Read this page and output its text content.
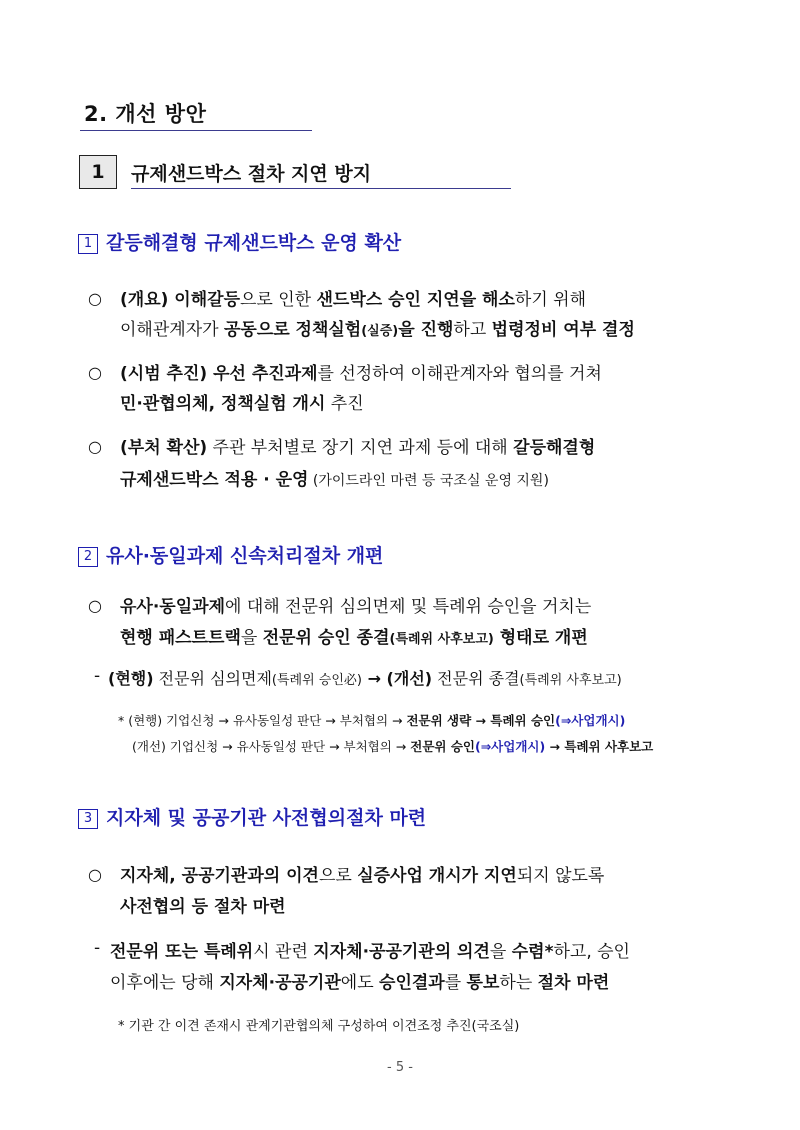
2. 개선 방안
1	규제샌드박스 절차 지연 방지
1 갈등해결형 규제샌드박스 운영 확산
○ (개요) 이해갈등으로 인한 샌드박스 승인 지연을 해소하기 위해
이해관계자가 공동으로 정책실험(실증)을 진행하고 법령정비 여부 결정
○ (시범 추진) 우선 추진과제를 선정하여 이해관계자와 협의를 거쳐
민·관협의체, 정책실험 개시 추진
○ (부처 확산) 주관 부처별로 장기 지연 과제 등에 대해 갈등해결형
규제샌드박스 적용 · 운영 (가이드라인 마련 등 국조실 운영 지원)
2 유사·동일과제 신속처리절차 개편
○ 유사·동일과제에 대해 전문위 심의면제 및 특례위 승인을 거치는
현행 패스트트랙을 전문위 승인 종결(특례위 사후보고) 형태로 개편
- (현행) 전문위 심의면제(특례위 승인必) → (개선) 전문위 종결(특례위 사후보고)
* (현행) 기업신청 → 유사동일성 판단 → 부처협의 → 전문위 생략 → 특례위 승인(⇒사업개시)
(개선) 기업신청 → 유사동일성 판단 → 부처협의 → 전문위 승인(⇒사업개시) → 특례위 사후보고
3 지자체 및 공공기관 사전협의절차 마련
○ 지자체, 공공기관과의 이견으로 실증사업 개시가 지연되지 않도록
사전협의 등 절차 마련
- 전문위 또는 특례위시 관련 지자체·공공기관의 의견을 수렴*하고, 승인
이후에는 당해 지자체·공공기관에도 승인결과를 통보하는 절차 마련
* 기관 간 이견 존재시 관계기관협의체 구성하여 이견조정 추진(국조실)
- 5 -
